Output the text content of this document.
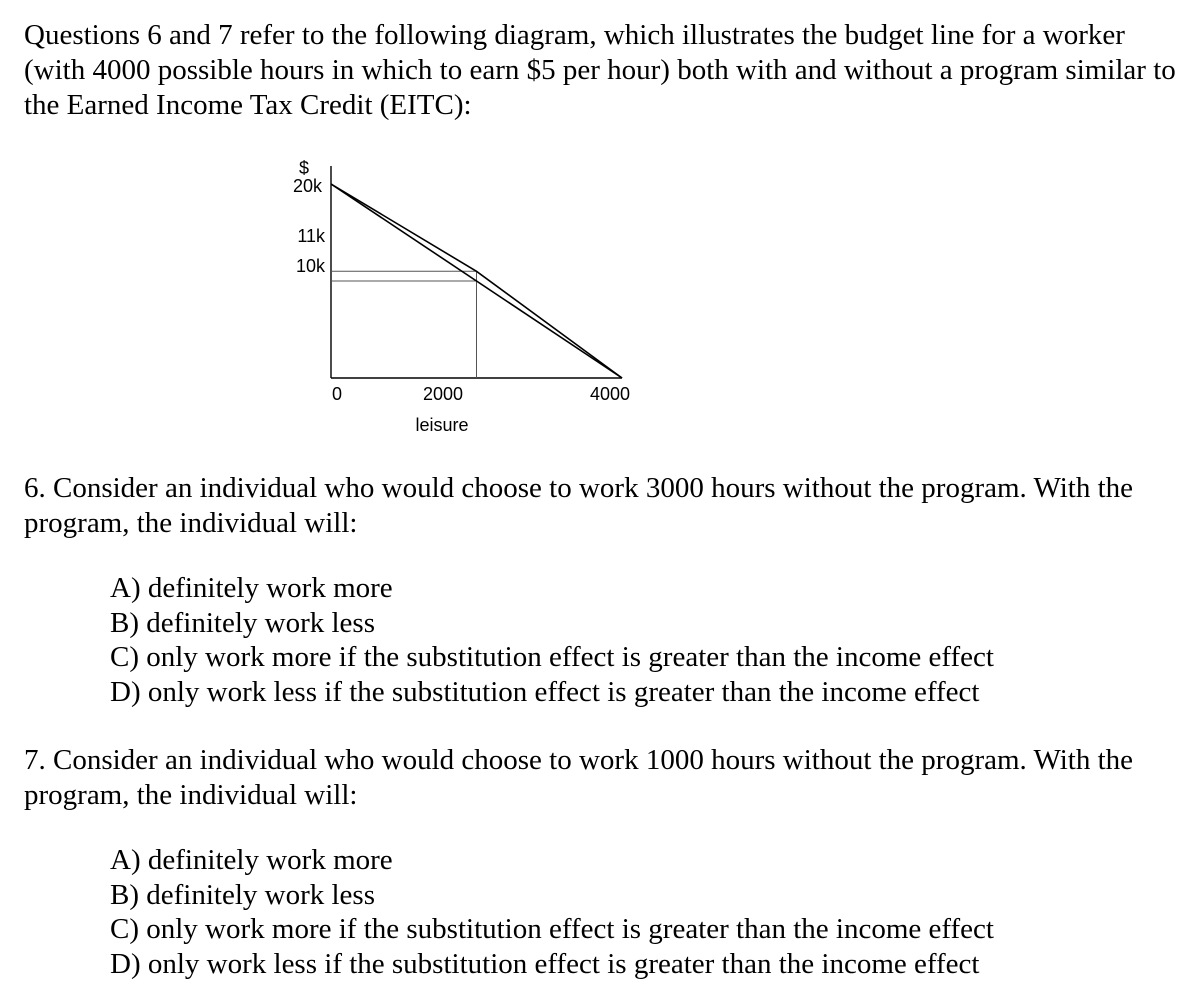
Questions 6 and 7 refer to the following diagram, which illustrates the budget line for a worker (with 4000 possible hours in which to earn $5 per hour) both with and without a program similar to the Earned Income Tax Credit (EITC):

$
leisure
20k
11k
10k
0	2000	4000

6. Consider an individual who would choose to work 3000 hours without the program. With the program, the individual will:

A) definitely work more
B) definitely work less
C) only work more if the substitution effect is greater than the income effect
D) only work less if the substitution effect is greater than the income effect

7. Consider an individual who would choose to work 1000 hours without the program. With the program, the individual will:

A) definitely work more
B) definitely work less
C) only work more if the substitution effect is greater than the income effect
D) only work less if the substitution effect is greater than the income effect
